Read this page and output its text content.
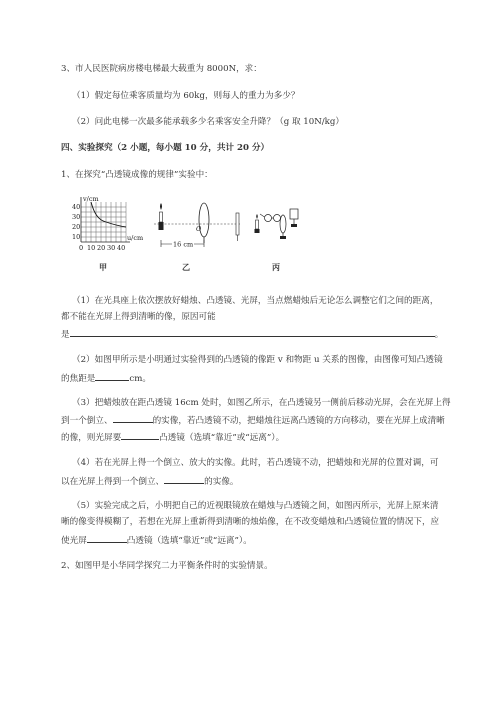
3、市人民医院病房楼电梯最大载重为 8000N，求：
（1）假定每位乘客质量均为 60kg，则每人的重力为多少？
（2）问此电梯一次最多能承载多少名乘客安全升降？（g 取 10N/kg）
四、实验探究（2 小题，每小题 10 分，共计 20 分）
1、在探究“凸透镜成像的规律”实验中：
v/cm
u/cm
40
30
20
10
0 10 20 30 40
O
16 cm
甲	乙	丙
（1）在光具座上依次摆放好蜡烛、凸透镜、光屏，当点燃蜡烛后无论怎么调整它们之间的距离，
都不能在光屏上得到清晰的像，原因可能
是	。
（2）如图甲所示是小明通过实验得到的凸透镜的像距 v 和物距 u 关系的图像，由图像可知凸透镜
的焦距是	cm。
（3）把蜡烛放在距凸透镜 16cm 处时，如图乙所示，在凸透镜另一侧前后移动光屏，会在光屏上得
到一个倒立、	的实像，若凸透镜不动，把蜡烛往远离凸透镜的方向移动，要在光屏上成清晰
的像，则光屏要	凸透镜（选填“靠近”或“远离”）。
（4）若在光屏上得一个倒立、放大的实像。此时，若凸透镜不动，把蜡烛和光屏的位置对调，可
以在光屏上得到一个倒立、	的实像。
（5）实验完成之后，小明把自己的近视眼镜放在蜡烛与凸透镜之间，如图丙所示，光屏上原来清
晰的像变得模糊了，若想在光屏上重新得到清晰的烛焰像，在不改变蜡烛和凸透镜位置的情况下，应
使光屏	凸透镜（选填“靠近”或“远离”）。
2、如图甲是小华同学探究二力平衡条件时的实验情景。
